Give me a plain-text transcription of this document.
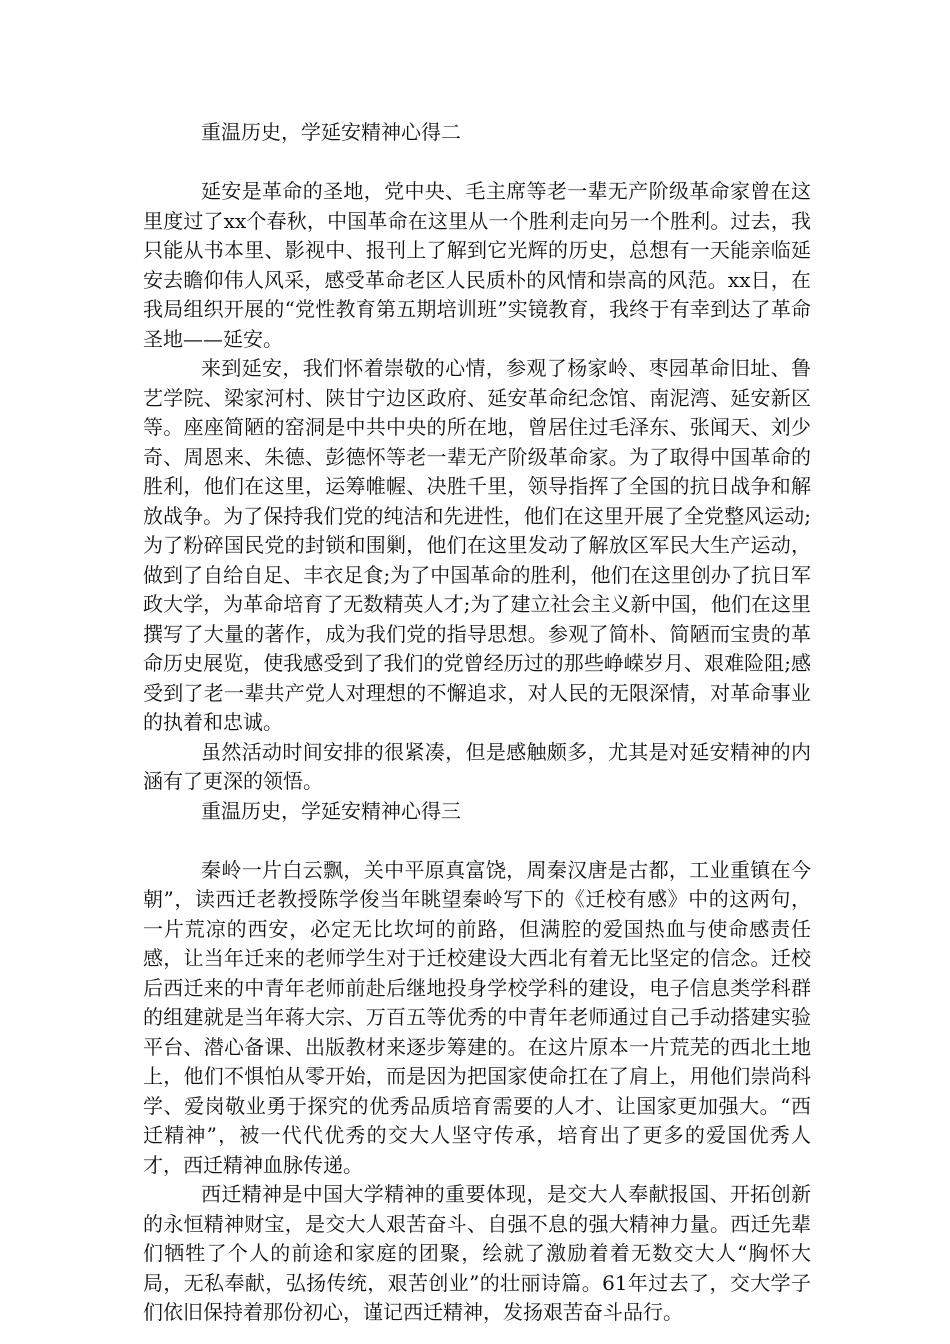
重温历史，学延安精神心得二

延安是革命的圣地，党中央、毛主席等老一辈无产阶级革命家曾在这里度过了xx个春秋，中国革命在这里从一个胜利走向另一个胜利。过去，我只能从书本里、影视中、报刊上了解到它光辉的历史，总想有一天能亲临延安去瞻仰伟人风采，感受革命老区人民质朴的风情和崇高的风范。xx日，在我局组织开展的“党性教育第五期培训班”实镜教育，我终于有幸到达了革命圣地——延安。

来到延安，我们怀着崇敬的心情，参观了杨家岭、枣园革命旧址、鲁艺学院、梁家河村、陕甘宁边区政府、延安革命纪念馆、南泥湾、延安新区等。座座简陋的窑洞是中共中央的所在地，曾居住过毛泽东、张闻天、刘少奇、周恩来、朱德、彭德怀等老一辈无产阶级革命家。为了取得中国革命的胜利，他们在这里，运筹帷幄、决胜千里，领导指挥了全国的抗日战争和解放战争。为了保持我们党的纯洁和先进性，他们在这里开展了全党整风运动;为了粉碎国民党的封锁和围剿，他们在这里发动了解放区军民大生产运动，做到了自给自足、丰衣足食;为了中国革命的胜利，他们在这里创办了抗日军政大学，为革命培育了无数精英人才;为了建立社会主义新中国，他们在这里撰写了大量的著作，成为我们党的指导思想。参观了简朴、简陋而宝贵的革命历史展览，使我感受到了我们的党曾经历过的那些峥嵘岁月、艰难险阻;感受到了老一辈共产党人对理想的不懈追求，对人民的无限深情，对革命事业的执着和忠诚。

虽然活动时间安排的很紧凑，但是感触颇多，尤其是对延安精神的内涵有了更深的领悟。

重温历史，学延安精神心得三

秦岭一片白云飘，关中平原真富饶，周秦汉唐是古都，工业重镇在今朝”，读西迁老教授陈学俊当年眺望秦岭写下的《迁校有感》中的这两句，一片荒凉的西安，必定无比坎坷的前路，但满腔的爱国热血与使命感责任感，让当年迁来的老师学生对于迁校建设大西北有着无比坚定的信念。迁校后西迁来的中青年老师前赴后继地投身学校学科的建设，电子信息类学科群的组建就是当年蒋大宗、万百五等优秀的中青年老师通过自己手动搭建实验平台、潜心备课、出版教材来逐步筹建的。在这片原本一片荒芜的西北土地上，他们不惧怕从零开始，而是因为把国家使命扛在了肩上，用他们崇尚科学、爱岗敬业勇于探究的优秀品质培育需要的人才、让国家更加强大。“西迁精神”，被一代代优秀的交大人坚守传承，培育出了更多的爱国优秀人才，西迁精神血脉传递。

西迁精神是中国大学精神的重要体现，是交大人奉献报国、开拓创新的永恒精神财宝，是交大人艰苦奋斗、自强不息的强大精神力量。西迁先辈们牺牲了个人的前途和家庭的团聚，绘就了激励着着无数交大人“胸怀大局，无私奉献，弘扬传统，艰苦创业”的壮丽诗篇。61年过去了，交大学子们依旧保持着那份初心，谨记西迁精神，发扬艰苦奋斗品行。
